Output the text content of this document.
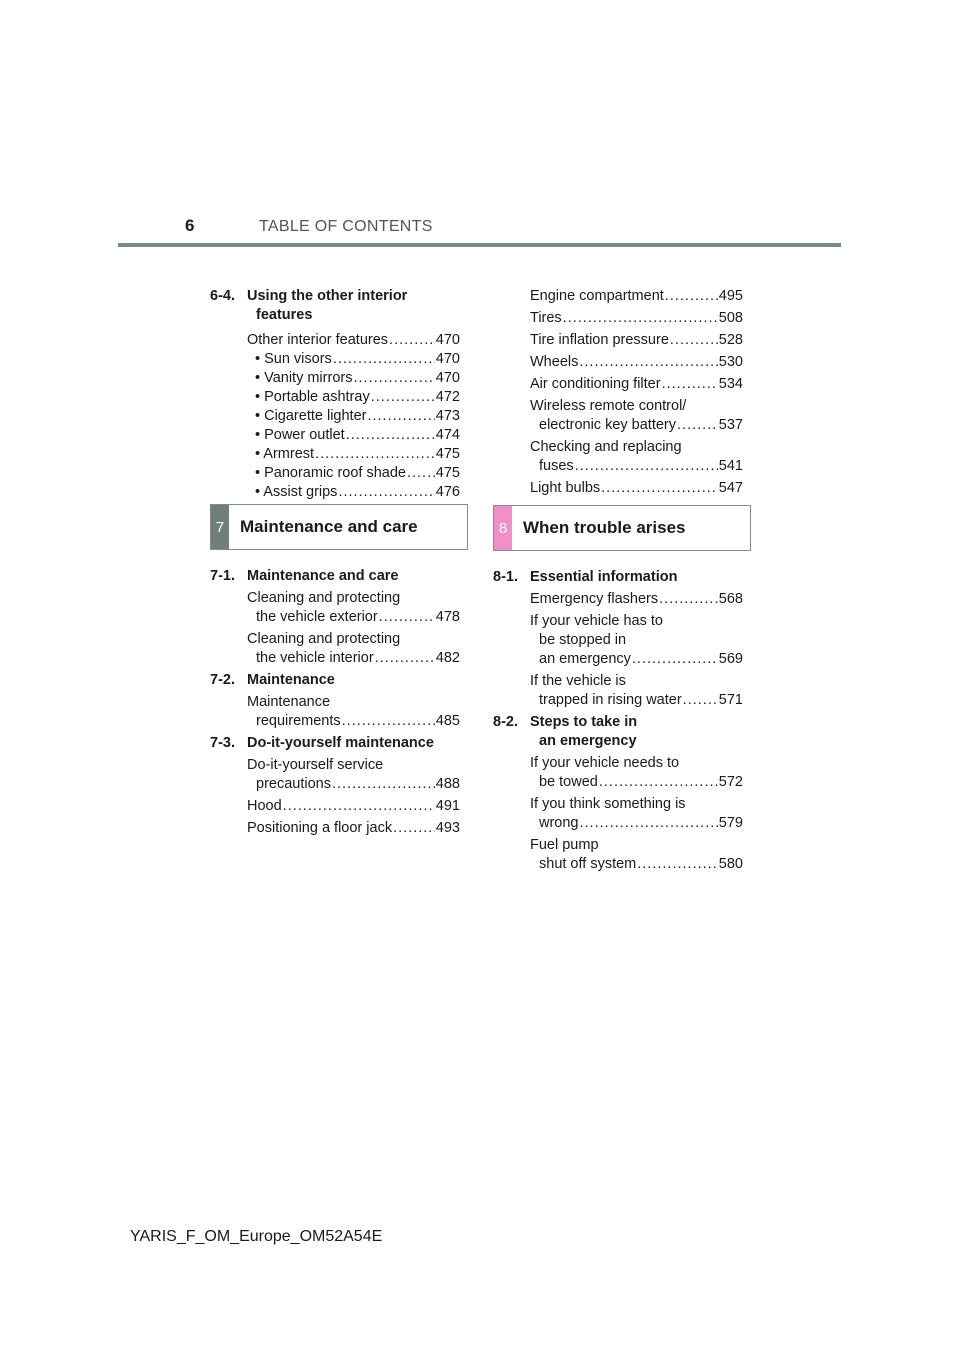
6	TABLE OF CONTENTS
6-4. Using the other interior
features
Other interior features .....	470
• Sun visors .....	470
• Vanity mirrors .....	470
• Portable ashtray .....	472
• Cigarette lighter .....	473
• Power outlet .....	474
• Armrest .....	475
• Panoramic roof shade ..... 475
• Assist grips .....	476
7 Maintenance and care
7-1. Maintenance and care
Cleaning and protecting
the vehicle exterior .....	478
Cleaning and protecting
the vehicle interior .....	482
7-2. Maintenance
Maintenance
requirements .....	485
7-3. Do-it-yourself maintenance
Do-it-yourself service
precautions .....	488
Hood .....	491
Positioning a floor jack .....	493
Engine compartment .....	495
Tires .....	508
Tire inflation pressure .....	528
Wheels .....	530
Air conditioning filter .....	534
Wireless remote control/
electronic key battery .....	537
Checking and replacing
fuses .....	541
Light bulbs .....	547
8 When trouble arises
8-1. Essential information
Emergency flashers .....	568
If your vehicle has to
be stopped in
an emergency .....	569
If the vehicle is
trapped in rising water .....	571
8-2. Steps to take in
an emergency
If your vehicle needs to
be towed .....	572
If you think something is
wrong .....	579
Fuel pump
shut off system .....	580
YARIS_F_OM_Europe_OM52A54E
